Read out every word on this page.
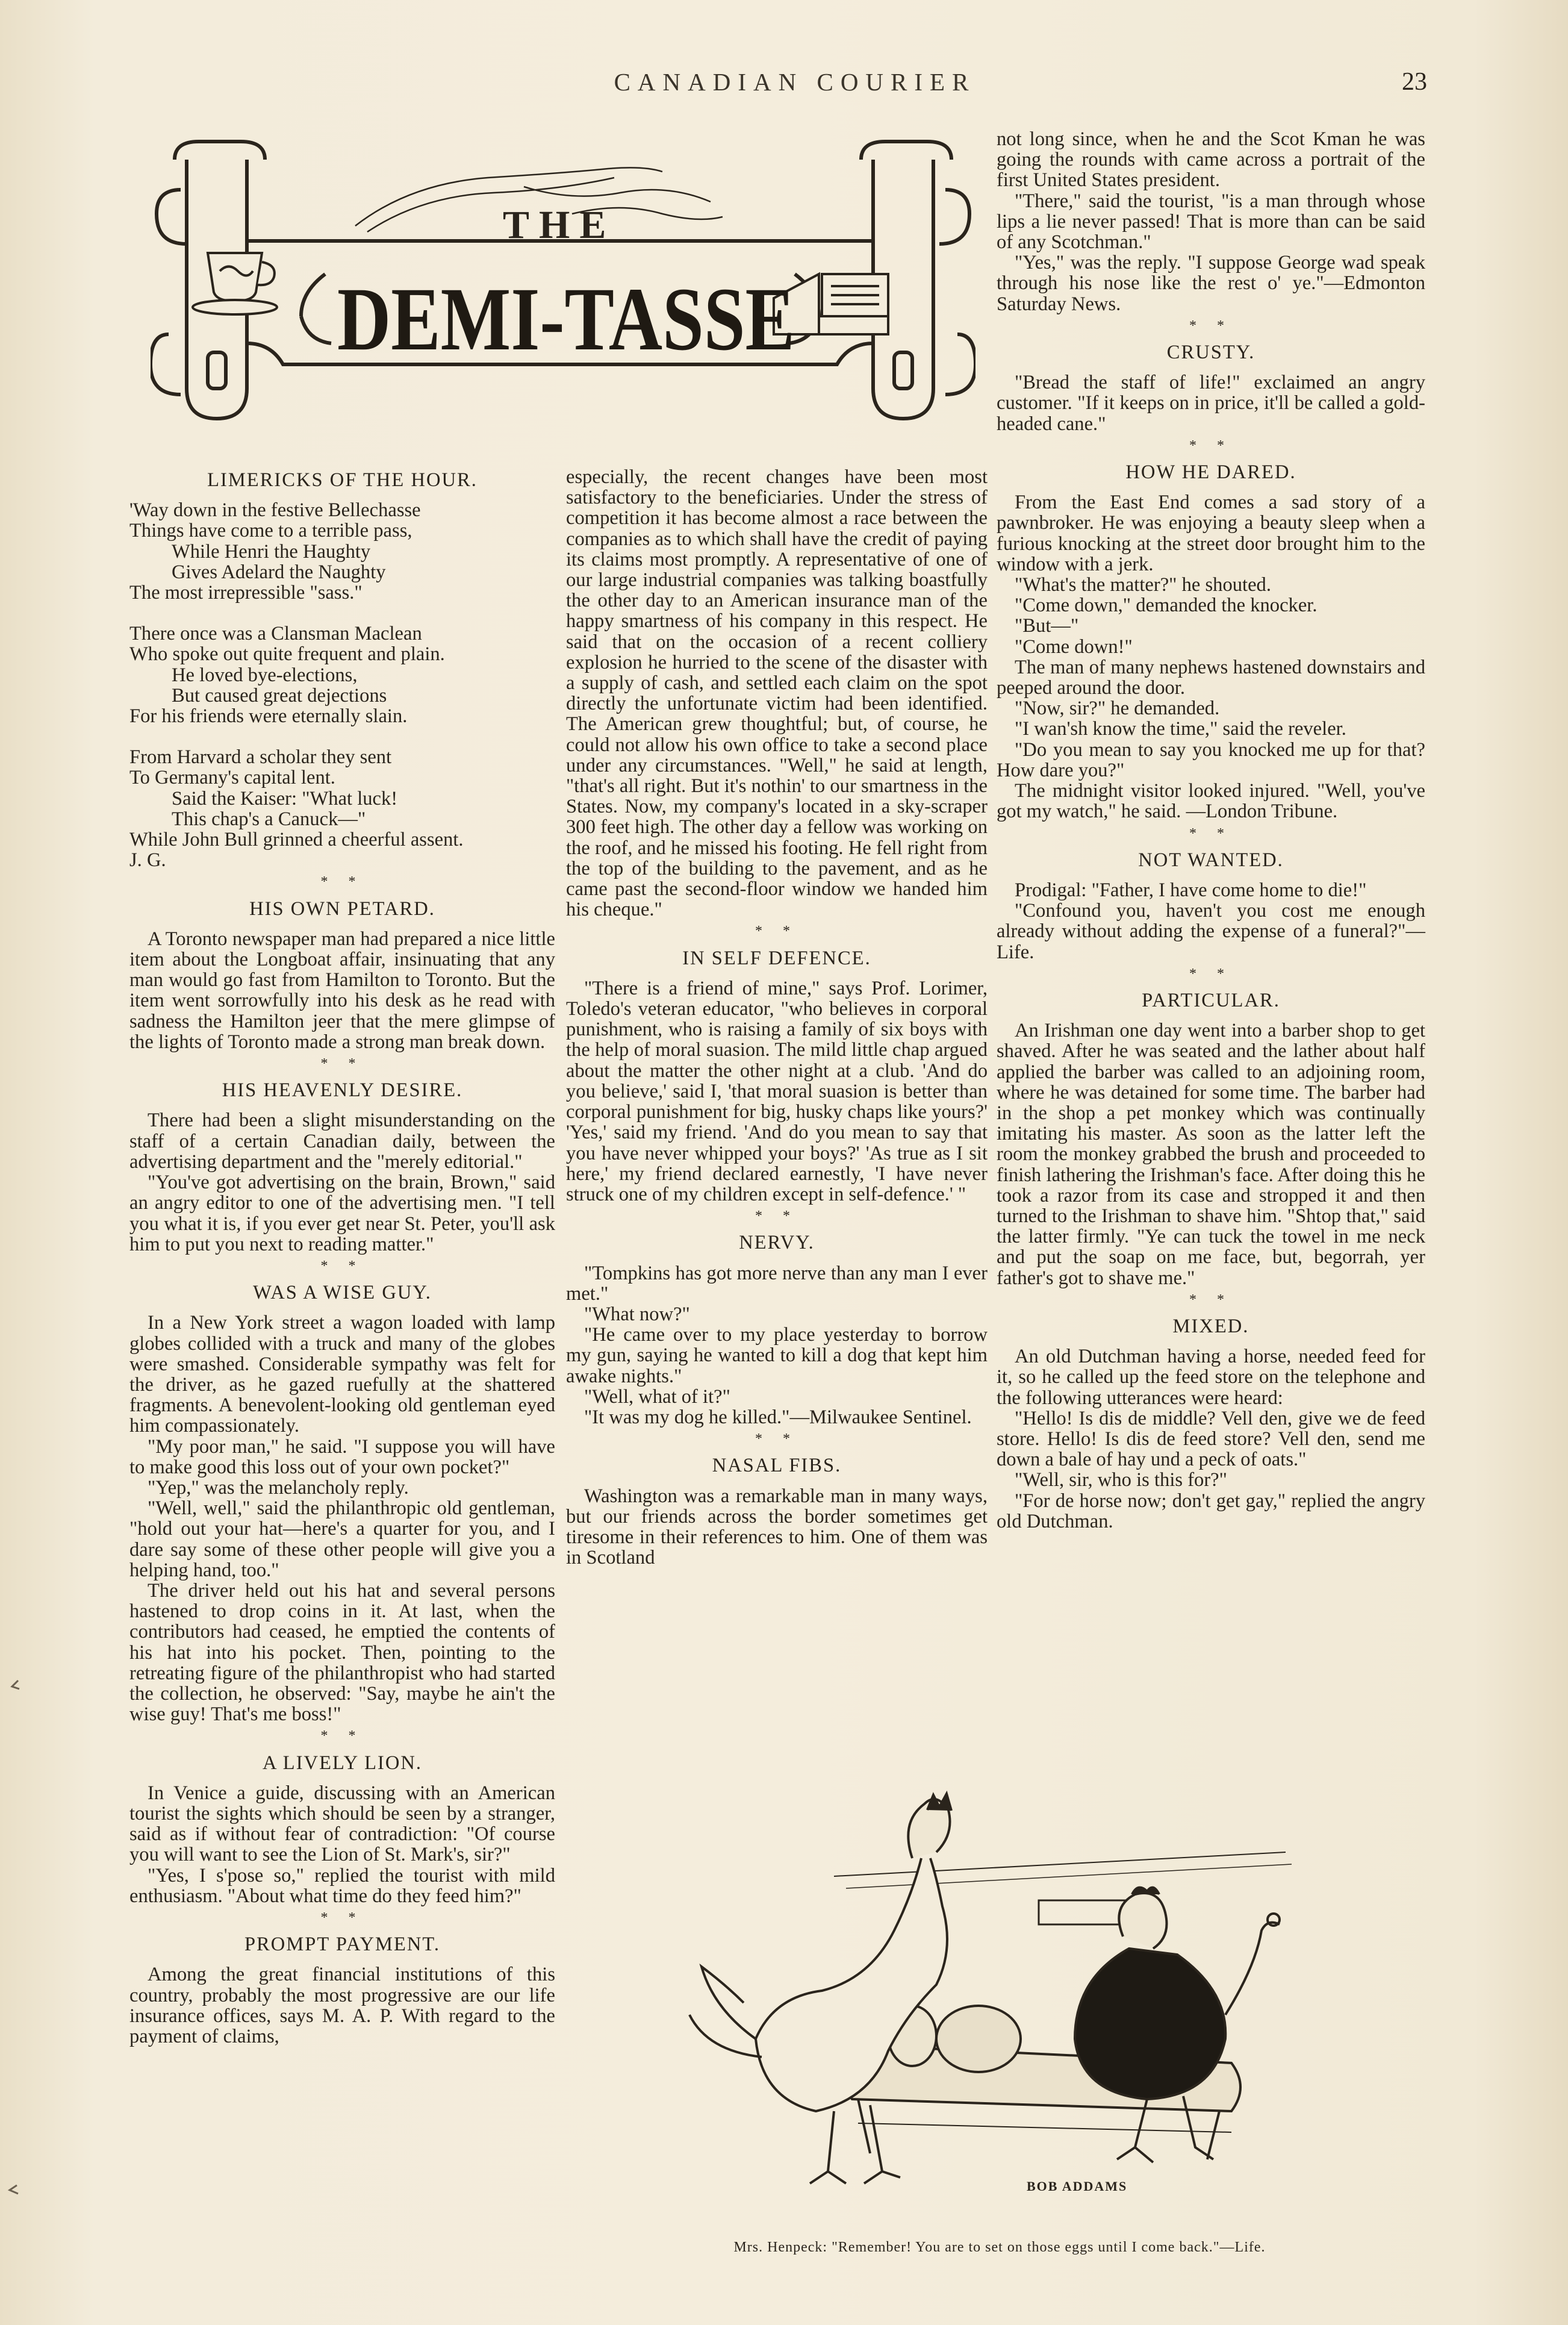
CANADIAN COURIER	23
THE
DEMI-TASSE
LIMERICKS OF THE HOUR.
'Way down in the festive Bellechasse
Things have come to a terrible pass,
While Henri the Haughty
Gives Adelard the Naughty
The most irrepressible "sass."
There once was a Clansman Maclean
Who spoke out quite frequent and plain.
He loved bye-elections,
But caused great dejections
For his friends were eternally slain.
From Harvard a scholar they sent
To Germany's capital lent.
Said the Kaiser: "What luck!
This chap's a Canuck—"
While John Bull grinned a cheerful assent.
J. G.
* *
HIS OWN PETARD.

A Toronto newspaper man had prepared a nice little item about the Longboat affair, insinuating that any man would go fast from Hamilton to Toronto. But the item went sorrowfully into his desk as he read with sadness the Hamilton jeer that the mere glimpse of the lights of Toronto made a strong man break down.

* *
HIS HEAVENLY DESIRE.

There had been a slight misunderstanding on the staff of a certain Canadian daily, between the advertising department and the "merely editorial."

"You've got advertising on the brain, Brown," said an angry editor to one of the advertising men. "I tell you what it is, if you ever get near St. Peter, you'll ask him to put you next to reading matter."

* *
WAS A WISE GUY.

In a New York street a wagon loaded with lamp globes collided with a truck and many of the globes were smashed. Considerable sympathy was felt for the driver, as he gazed ruefully at the shattered fragments. A benevolent-looking old gentleman eyed him compassionately.

"My poor man," he said. "I suppose you will have to make good this loss out of your own pocket?"

"Yep," was the melancholy reply.

"Well, well," said the philanthropic old gentleman, "hold out your hat—here's a quarter for you, and I dare say some of these other people will give you a helping hand, too."

The driver held out his hat and several persons hastened to drop coins in it. At last, when the contributors had ceased, he emptied the contents of his hat into his pocket. Then, pointing to the retreating figure of the philanthropist who had started the collection, he observed: "Say, maybe he ain't the wise guy! That's me boss!"

* *
A LIVELY LION.

In Venice a guide, discussing with an American tourist the sights which should be seen by a stranger, said as if without fear of contradiction: "Of course you will want to see the Lion of St. Mark's, sir?"

"Yes, I s'pose so," replied the tourist with mild enthusiasm. "About what time do they feed him?"

* *
PROMPT PAYMENT.

Among the great financial institutions of this country, probably the most progressive are our life insurance offices, says M. A. P. With regard to the payment of claims,

especially, the recent changes have been most satisfactory to the beneficiaries. Under the stress of competition it has become almost a race between the companies as to which shall have the credit of paying its claims most promptly. A representative of one of our large industrial companies was talking boastfully the other day to an American insurance man of the happy smartness of his company in this respect. He said that on the occasion of a recent colliery explosion he hurried to the scene of the disaster with a supply of cash, and settled each claim on the spot directly the unfortunate victim had been identified. The American grew thoughtful; but, of course, he could not allow his own office to take a second place under any circumstances. "Well," he said at length, "that's all right. But it's nothin' to our smartness in the States. Now, my company's located in a sky-scraper 300 feet high. The other day a fellow was working on the roof, and he missed his footing. He fell right from the top of the building to the pavement, and as he came past the second-floor window we handed him his cheque."

* *
IN SELF DEFENCE.

"There is a friend of mine," says Prof. Lorimer, Toledo's veteran educator, "who believes in corporal punishment, who is raising a family of six boys with the help of moral suasion. The mild little chap argued about the matter the other night at a club. 'And do you believe,' said I, 'that moral suasion is better than corporal punishment for big, husky chaps like yours?' 'Yes,' said my friend. 'And do you mean to say that you have never whipped your boys?' 'As true as I sit here,' my friend declared earnestly, 'I have never struck one of my children except in self-defence.' "

* *
NERVY.

"Tompkins has got more nerve than any man I ever met."

"What now?"

"He came over to my place yesterday to borrow my gun, saying he wanted to kill a dog that kept him awake nights."

"Well, what of it?"

"It was my dog he killed."—Milwaukee Sentinel.

* *
NASAL FIBS.

Washington was a remarkable man in many ways, but our friends across the border sometimes get tiresome in their references to him. One of them was in Scotland

not long since, when he and the Scot Kman he was going the rounds with came across a portrait of the first United States president.

"There," said the tourist, "is a man through whose lips a lie never passed! That is more than can be said of any Scotchman."

"Yes," was the reply. "I suppose George wad speak through his nose like the rest o' ye."—Edmonton Saturday News.

* *
CRUSTY.

"Bread the staff of life!" exclaimed an angry customer. "If it keeps on in price, it'll be called a gold-headed cane."

* *
HOW HE DARED.

From the East End comes a sad story of a pawnbroker. He was enjoying a beauty sleep when a furious knocking at the street door brought him to the window with a jerk.

"What's the matter?" he shouted.

"Come down," demanded the knocker.

"But—"

"Come down!"

The man of many nephews hastened downstairs and peeped around the door.

"Now, sir?" he demanded.

"I wan'sh know the time," said the reveler.

"Do you mean to say you knocked me up for that? How dare you?"

The midnight visitor looked injured. "Well, you've got my watch," he said. —London Tribune.

* *
NOT WANTED.

Prodigal: "Father, I have come home to die!"

"Confound you, haven't you cost me enough already without adding the expense of a funeral?"—Life.

* *
PARTICULAR.

An Irishman one day went into a barber shop to get shaved. After he was seated and the lather about half applied the barber was called to an adjoining room, where he was detained for some time. The barber had in the shop a pet monkey which was continually imitating his master. As soon as the latter left the room the monkey grabbed the brush and proceeded to finish lathering the Irishman's face. After doing this he took a razor from its case and stropped it and then turned to the Irishman to shave him. "Shtop that," said the latter firmly. "Ye can tuck the towel in me neck and put the soap on me face, but, begorrah, yer father's got to shave me."

* *
MIXED.

An old Dutchman having a horse, needed feed for it, so he called up the feed store on the telephone and the following utterances were heard:

"Hello! Is dis de middle? Vell den, give we de feed store. Hello! Is dis de feed store? Vell den, send me down a bale of hay und a peck of oats."

"Well, sir, who is this for?"

"For de horse now; don't get gay," replied the angry old Dutchman.

BOB ADDAMS
Mrs. Henpeck: "Remember! You are to set on those eggs until I come back."—Life.
